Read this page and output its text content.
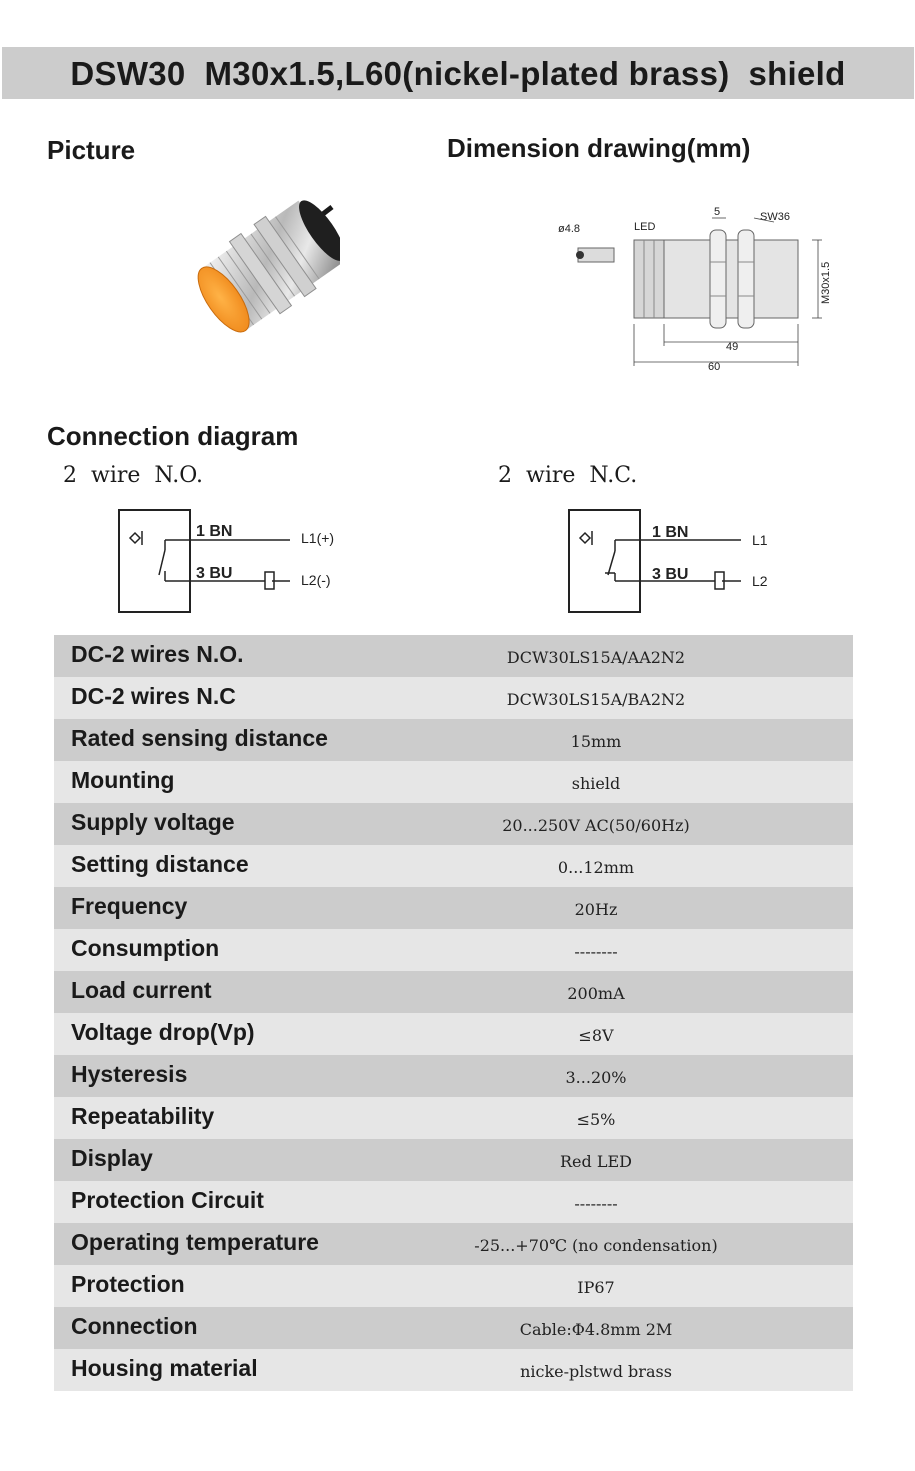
DSW30  M30x1.5,L60(nickel-plated brass)  shield
Picture	Dimension drawing(mm)
Connection diagram
ø4.8	LED
5	SW36
M30x1.5
49
60
2  wire  N.O.
1 BN
3 BU
L1(+)
L2(-)
2  wire  N.C.
1 BN
3 BU
L1
L2
DC-2 wires N.O.	DCW30LS15A/AA2N2
DC-2 wires N.C	DCW30LS15A/BA2N2
Rated sensing distance	15mm
Mounting	shield
Supply voltage	20...250V AC(50/60Hz)
Setting distance	0...12mm
Frequency	20Hz
Consumption	--------
Load current	200mA
Voltage drop(Vp)	≤8V
Hysteresis	3...20%
Repeatability	≤5%
Display	Red LED
Protection Circuit	--------
Operating temperature	-25...+70℃ (no condensation)
Protection	IP67
Connection	Cable:Φ4.8mm 2M
Housing material	nicke-plstwd brass
